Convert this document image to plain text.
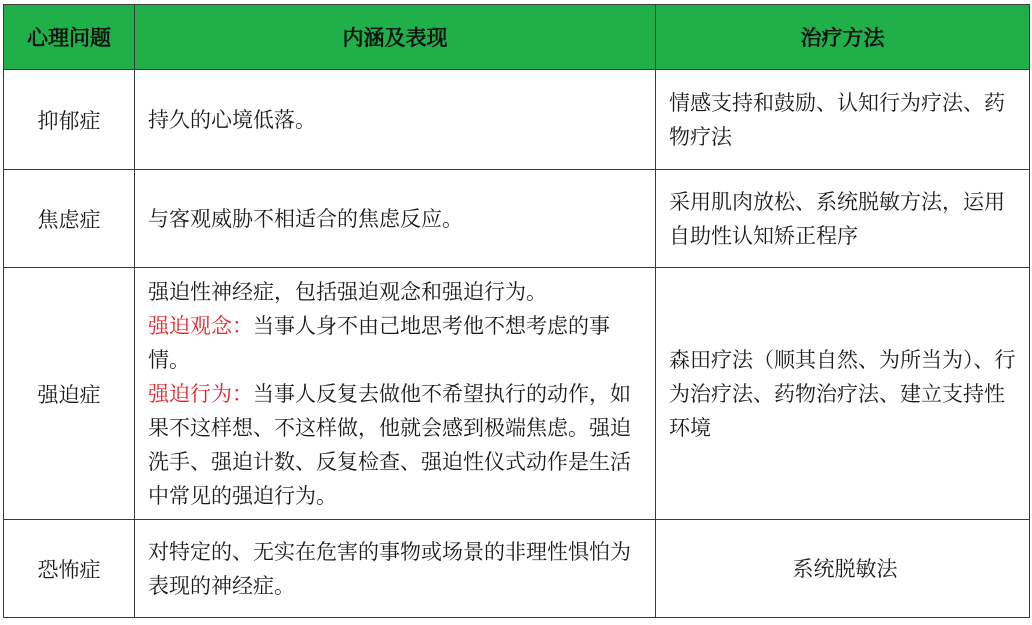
心理问题	内涵及表现	治疗方法
抑郁症	持久的心境低落。	情感支持和鼓励、认知行为疗法、药物疗法

焦虑症	与客观威胁不相适合的焦虑反应。	采用肌肉放松、系统脱敏方法，运用自助性认知矫正程序

强迫症	强迫性神经症，包括强迫观念和强迫行为。
强迫观念：当事人身不由己地思考他不想考虑的事情。
强迫行为：当事人反复去做他不希望执行的动作，如果不这样想、不这样做，他就会感到极端焦虑。强迫洗手、强迫计数、反复检查、强迫性仪式动作是生活中常见的强迫行为。	森田疗法（顺其自然、为所当为）、行为治疗法、药物治疗法、建立支持性环境

恐怖症	对特定的、无实在危害的事物或场景的非理性惧怕为表现的神经症。	系统脱敏法
